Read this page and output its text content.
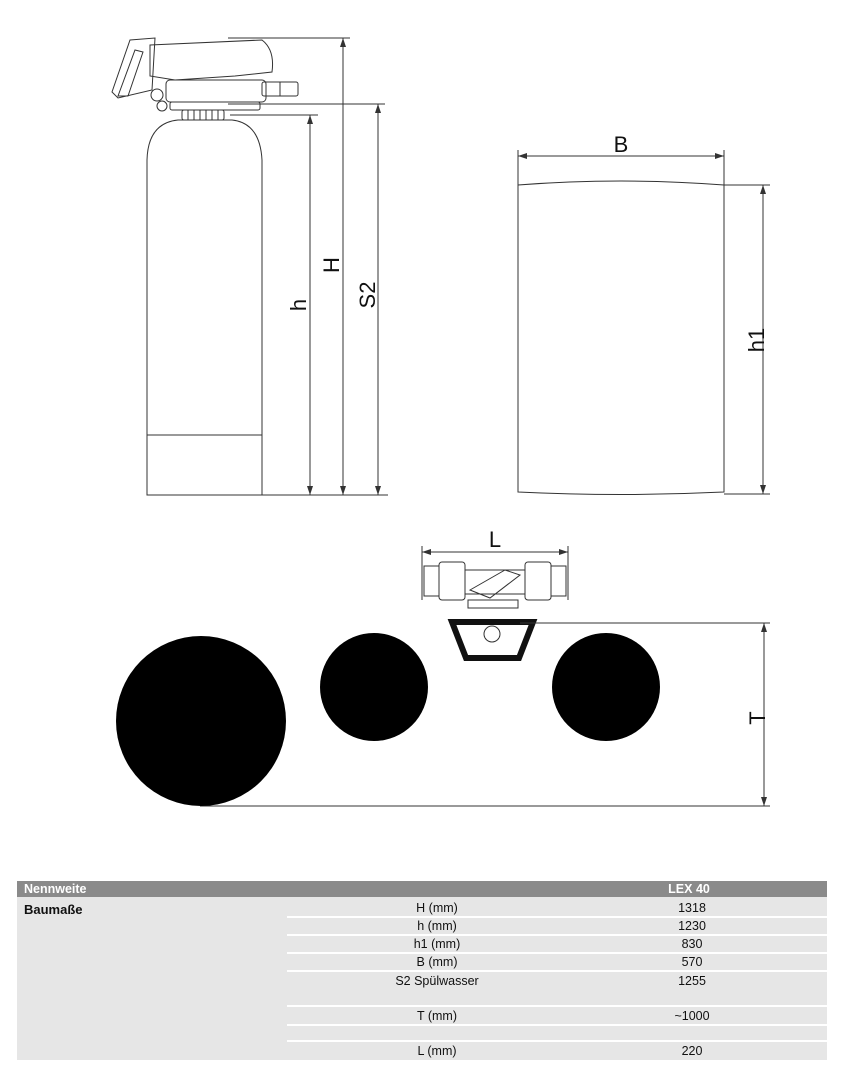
h
H
S2
B
h1
L
T
Nennweite	LEX 40
Baumaße	H (mm)	1318
h (mm)	1230
h1 (mm)	830
B (mm)	570
S2 Spülwasser	1255
T (mm)	~1000
L (mm)	220
